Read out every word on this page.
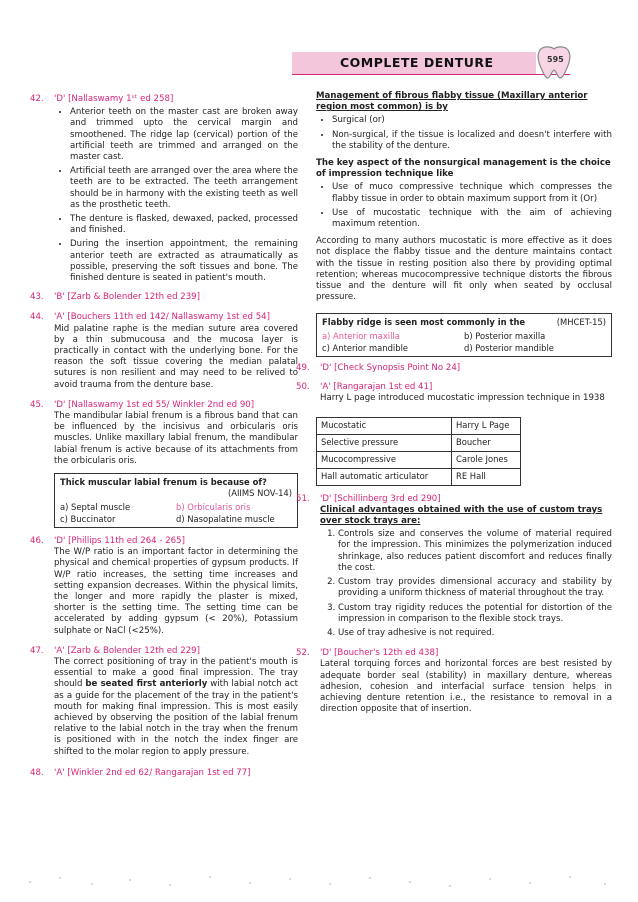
COMPLETE DENTURE	595
42.	'D' [Nallaswamy 1ˢᵗ ed 258]
• Anterior teeth on the master cast are broken away and trimmed upto the cervical margin and smoothened. The ridge lap (cervical) portion of the artificial teeth are trimmed and arranged on the master cast.
• Artificial teeth are arranged over the area where the teeth are to be extracted. The teeth arrangement should be in harmony with the existing teeth as well as the prosthetic teeth.
• The denture is flasked, dewaxed, packed, processed and finished.
• During the insertion appointment, the remaining anterior teeth are extracted as atraumatically as possible, preserving the soft tissues and bone. The finished denture is seated in patient's mouth.
43.	'B' [Zarb & Bolender 12th ed 239]
44.	'A' [Bouchers 11th ed 142/ Nallaswamy 1st ed 54]
Mid palatine raphe is the median suture area covered by a thin submucousa and the mucosa layer is practically in contact with the underlying bone. For the reason the soft tissue covering the median palatal sutures is non resilient and may need to be relived to avoid trauma from the denture base.
45.	'D' [Nallaswamy 1st ed 55/ Winkler 2nd ed 90]
The mandibular labial frenum is a fibrous band that can be influenced by the incisivus and orbicularis oris muscles. Unlike maxillary labial frenum, the mandibular labial frenum is active because of its attachments from the orbicularis oris.
Thick muscular labial frenum is because of?
(AIIMS NOV-14)
a) Septal muscle	b) Orbicularis oris
c) Buccinator	d) Nasopalatine muscle
46.	'D' [Phillips 11th ed 264 - 265]
The W/P ratio is an important factor in determining the physical and chemical properties of gypsum products. If W/P ratio increases, the setting time increases and setting expansion decreases. Within the physical limits, the longer and more rapidly the plaster is mixed, shorter is the setting time. The setting time can be accelerated by adding gypsum (< 20%), Potassium sulphate or NaCl (<25%).
47.	'A' [Zarb & Bolender 12th ed 229]
The correct positioning of tray in the patient's mouth is essential to make a good final impression. The tray should be seated first anteriorly with labial notch act as a guide for the placement of the tray in the patient's mouth for making final impression. This is most easily achieved by observing the position of the labial frenum relative to the labial notch in the tray when the frenum is positioned with in the notch the index finger are shifted to the molar region to apply pressure.
48.	'A' [Winkler 2nd ed 62/ Rangarajan 1st ed 77]
Management of fibrous flabby tissue (Maxillary anterior region most common) is by
• Surgical (or)
• Non-surgical, if the tissue is localized and doesn't interfere with the stability of the denture.
The key aspect of the nonsurgical management is the choice of impression technique like
• Use of muco compressive technique which compresses the flabby tissue in order to obtain maximum support from it (Or)
• Use of mucostatic technique with the aim of achieving maximum retention.
According to many authors mucostatic is more effective as it does not displace the flabby tissue and the denture maintains contact with the tissue in resting position also there by providing optimal retention; whereas mucocompressive technique distorts the fibrous tissue and the denture will fit only when seated by occlusal pressure.
Flabby ridge is seen most commonly in the	(MHCET-15)
a) Anterior maxilla	b) Posterior maxilla
c) Anterior mandible	d) Posterior mandible
49.	'D' [Check Synopsis Point No 24]
50.	'A' [Rangarajan 1st ed 41]
Harry L page introduced mucostatic impression technique in 1938
Mucostatic	Harry L Page
Selective pressure	Boucher
Mucocompressive	Carole Jones
Hall automatic articulator	RE Hall
51.	'D' [Schillinberg 3rd ed 290]
Clinical advantages obtained with the use of custom trays over stock trays are:
1. Controls size and conserves the volume of material required for the impression. This minimizes the polymerization induced shrinkage, also reduces patient discomfort and reduces finally the cost.
2. Custom tray provides dimensional accuracy and stability by providing a uniform thickness of material throughout the tray.
3. Custom tray rigidity reduces the potential for distortion of the impression in comparison to the flexible stock trays.
4. Use of tray adhesive is not required.
52.	'D' [Boucher's 12th ed 438]
Lateral torquing forces and horizontal forces are best resisted by adequate border seal (stability) in maxillary denture, whereas adhesion, cohesion and interfacial surface tension helps in achieving denture retention i.e., the resistance to removal in a direction opposite that of insertion.
